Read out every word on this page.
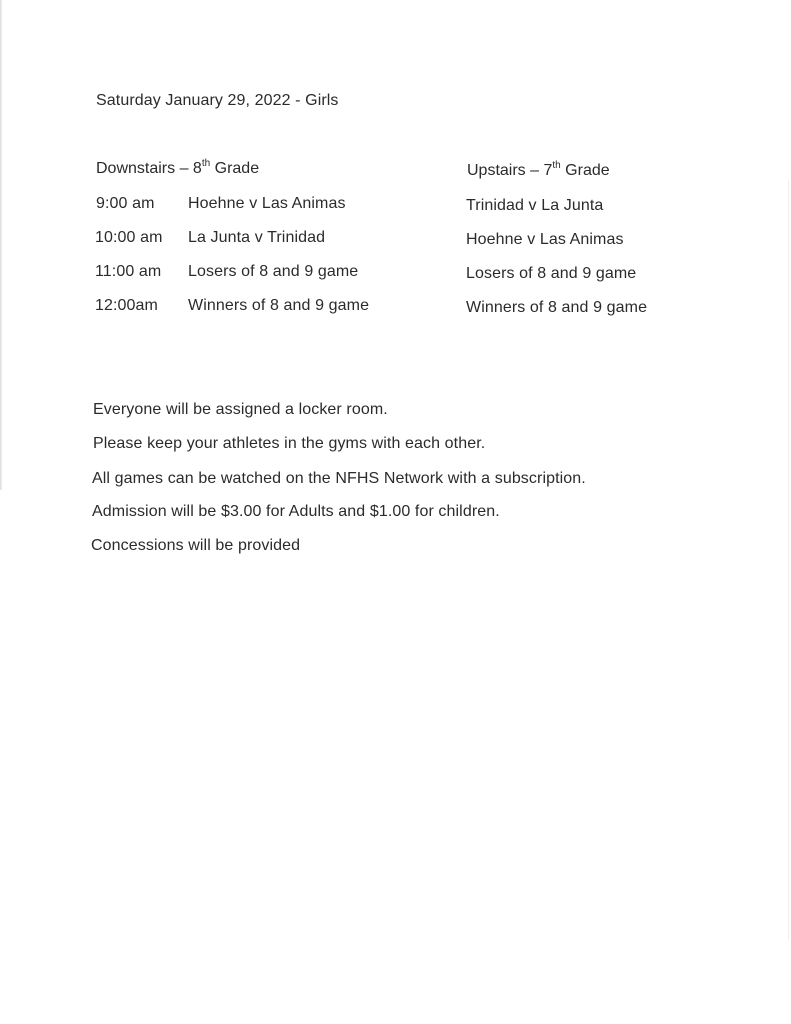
Saturday January 29, 2022 - Girls
Downstairs – 8th Grade
9:00 am Hoehne v Las Animas
10:00 am La Junta v Trinidad
11:00 am Losers of 8 and 9 game
12:00am Winners of 8 and 9 game
Upstairs – 7th Grade
Trinidad v La Junta
Hoehne v Las Animas
Losers of 8 and 9 game
Winners of 8 and 9 game
Everyone will be assigned a locker room.
Please keep your athletes in the gyms with each other.
All games can be watched on the NFHS Network with a subscription.
Admission will be $3.00 for Adults and $1.00 for children.
Concessions will be provided
